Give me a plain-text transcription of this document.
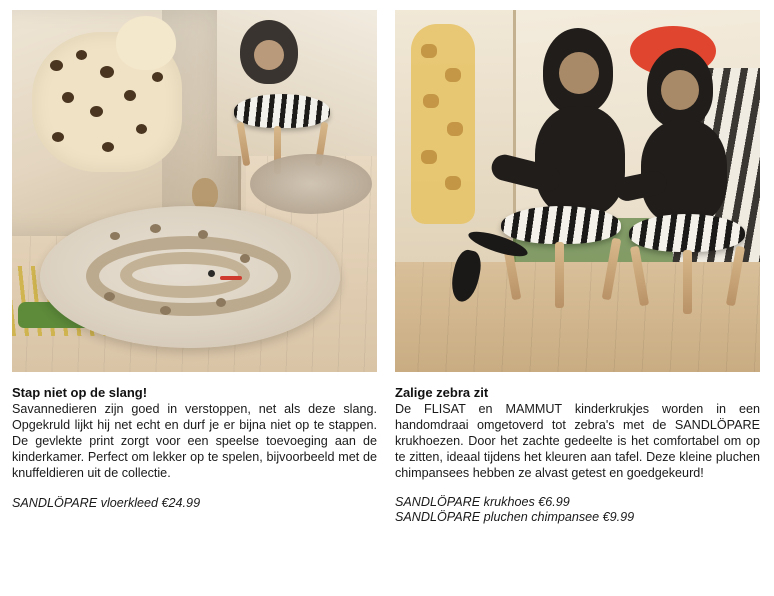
Stap niet op de slang!

Savannedieren zijn goed in verstoppen, net als deze slang. Opgekruld lijkt hij net echt en durf je er bijna niet op te stappen. De gevlekte print zorgt voor een speelse toevoeging aan de kinderkamer. Perfect om lekker op te spelen, bijvoorbeeld met de knuffeldieren uit de collectie.

SANDLÖPARE vloerkleed €24.99

Zalige zebra zit

De FLISAT en MAMMUT kinderkrukjes worden in een handomdraai omgetoverd tot zebra's met de SANDLÖPARE krukhoezen. Door het zachte gedeelte is het comfortabel om op te zitten, ideaal tijdens het kleuren aan tafel. Deze kleine pluchen chimpansees hebben ze alvast getest en goedgekeurd!

SANDLÖPARE krukhoes €6.99

SANDLÖPARE pluchen chimpansee €9.99
